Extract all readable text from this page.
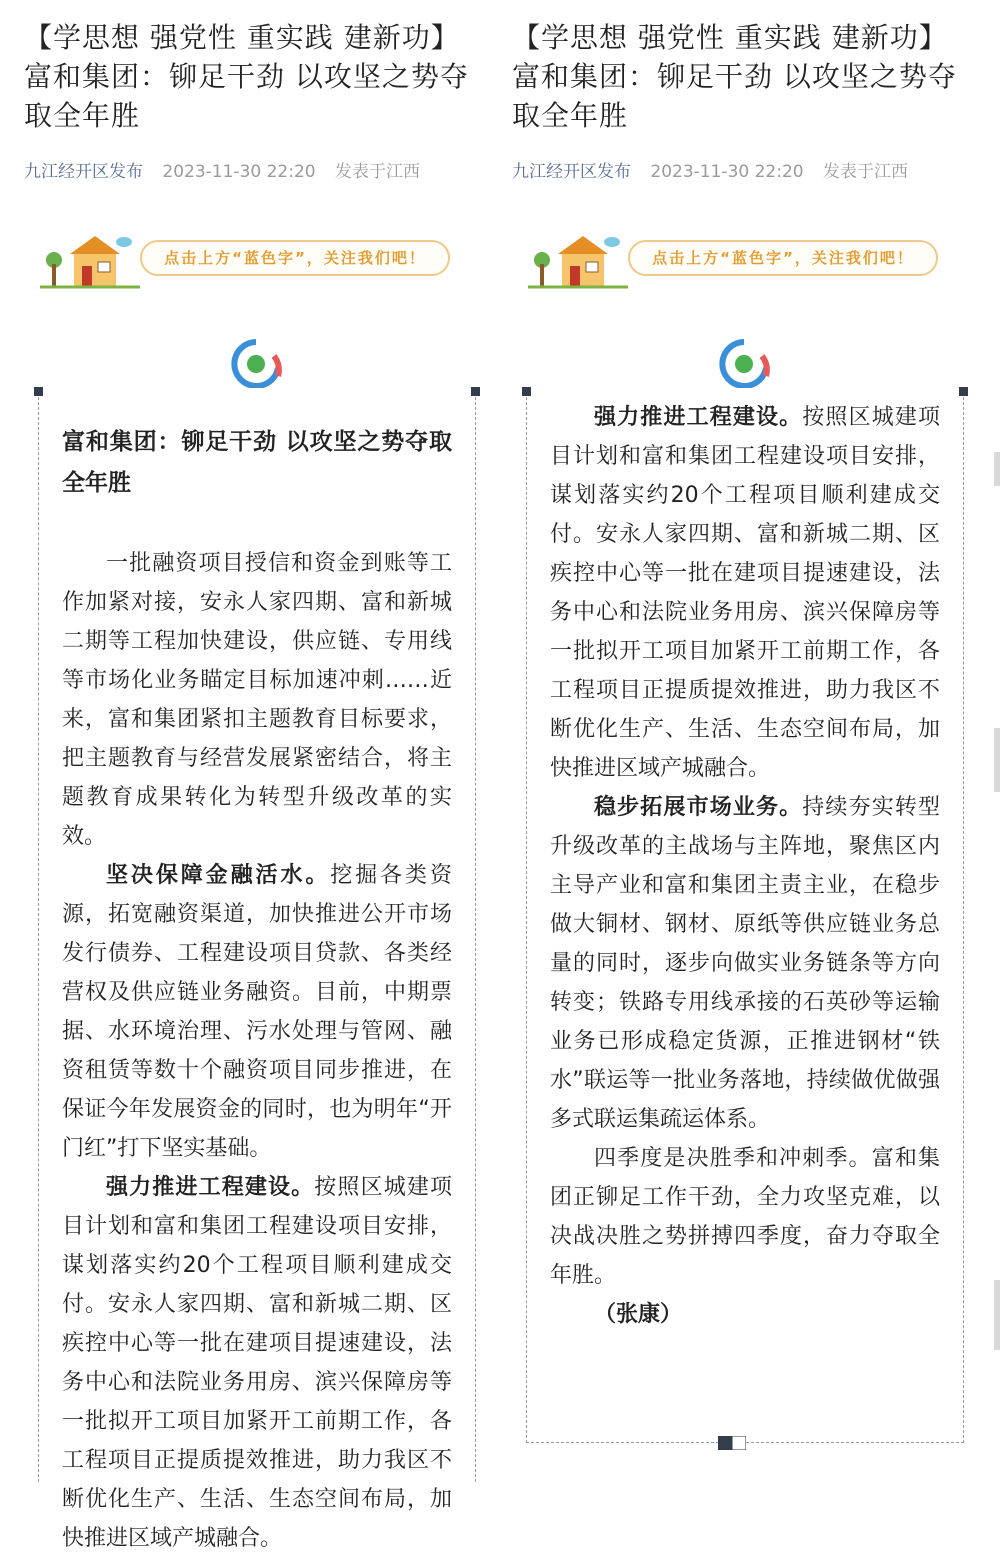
【学思想 强党性 重实践 建新功】富和集团：铆足干劲 以攻坚之势夺取全年胜
九江经开区发布 2023-11-30 22:20 发表于江西
点击上方“蓝色字”，关注我们吧！

富和集团：铆足干劲 以攻坚之势夺取全年胜

一批融资项目授信和资金到账等工作加紧对接，安永人家四期、富和新城二期等工程加快建设，供应链、专用线等市场化业务瞄定目标加速冲刺……近来，富和集团紧扣主题教育目标要求，把主题教育与经营发展紧密结合，将主题教育成果转化为转型升级改革的实效。

坚决保障金融活水。挖掘各类资源，拓宽融资渠道，加快推进公开市场发行债券、工程建设项目贷款、各类经营权及供应链业务融资。目前，中期票据、水环境治理、污水处理与管网、融资租赁等数十个融资项目同步推进，在保证今年发展资金的同时，也为明年“开门红”打下坚实基础。

强力推进工程建设。按照区城建项目计划和富和集团工程建设项目安排，谋划落实约20个工程项目顺利建成交付。安永人家四期、富和新城二期、区疾控中心等一批在建项目提速建设，法务中心和法院业务用房、滨兴保障房等一批拟开工项目加紧开工前期工作，各工程项目正提质提效推进，助力我区不断优化生产、生活、生态空间布局，加快推进区域产城融合。

【学思想 强党性 重实践 建新功】富和集团：铆足干劲 以攻坚之势夺取全年胜
九江经开区发布 2023-11-30 22:20 发表于江西
点击上方“蓝色字”，关注我们吧！

强力推进工程建设。按照区城建项目计划和富和集团工程建设项目安排，谋划落实约20个工程项目顺利建成交付。安永人家四期、富和新城二期、区疾控中心等一批在建项目提速建设，法务中心和法院业务用房、滨兴保障房等一批拟开工项目加紧开工前期工作，各工程项目正提质提效推进，助力我区不断优化生产、生活、生态空间布局，加快推进区域产城融合。

稳步拓展市场业务。持续夯实转型升级改革的主战场与主阵地，聚焦区内主导产业和富和集团主责主业，在稳步做大铜材、钢材、原纸等供应链业务总量的同时，逐步向做实业务链条等方向转变；铁路专用线承接的石英砂等运输业务已形成稳定货源，正推进钢材“铁水”联运等一批业务落地，持续做优做强多式联运集疏运体系。

四季度是决胜季和冲刺季。富和集团正铆足工作干劲，全力攻坚克难，以决战决胜之势拼搏四季度，奋力夺取全年胜。

（张康）
